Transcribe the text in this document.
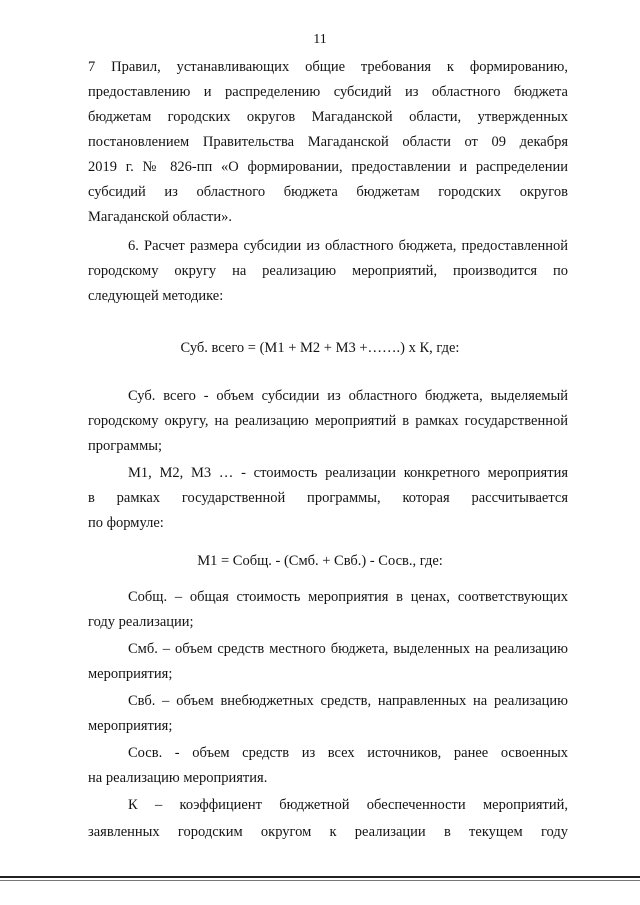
11
7 Правил, устанавливающих общие требования к формированию,
предоставлению и распределению субсидий из областного бюджета
бюджетам городских округов Магаданской области, утвержденных
постановлением Правительства Магаданской области от 09 декабря
2019 г. № 826-пп «О формировании, предоставлении и распределении
субсидий из областного бюджета бюджетам городских округов
Магаданской области».
6. Расчет размера субсидии из областного бюджета, предоставленной
городскому округу на реализацию мероприятий, производится по
следующей методике:
Суб. всего = (М1 + М2 + М3 +…….) х К, где:
Суб. всего - объем субсидии из областного бюджета, выделяемый
городскому округу, на реализацию мероприятий в рамках государственной
программы;
М1, М2, М3 … - стоимость реализации конкретного мероприятия
в рамках государственной программы, которая рассчитывается
по формуле:
М1 = Собщ. - (Смб. + Свб.) - Сосв., где:
Собщ. – общая стоимость мероприятия в ценах, соответствующих
году реализации;
Смб. – объем средств местного бюджета, выделенных на реализацию
мероприятия;
Свб. – объем внебюджетных средств, направленных на реализацию
мероприятия;
Сосв. - объем средств из всех источников, ранее освоенных
на реализацию мероприятия.
К – коэффициент бюджетной обеспеченности мероприятий,
заявленных городским округом к реализации в текущем году
